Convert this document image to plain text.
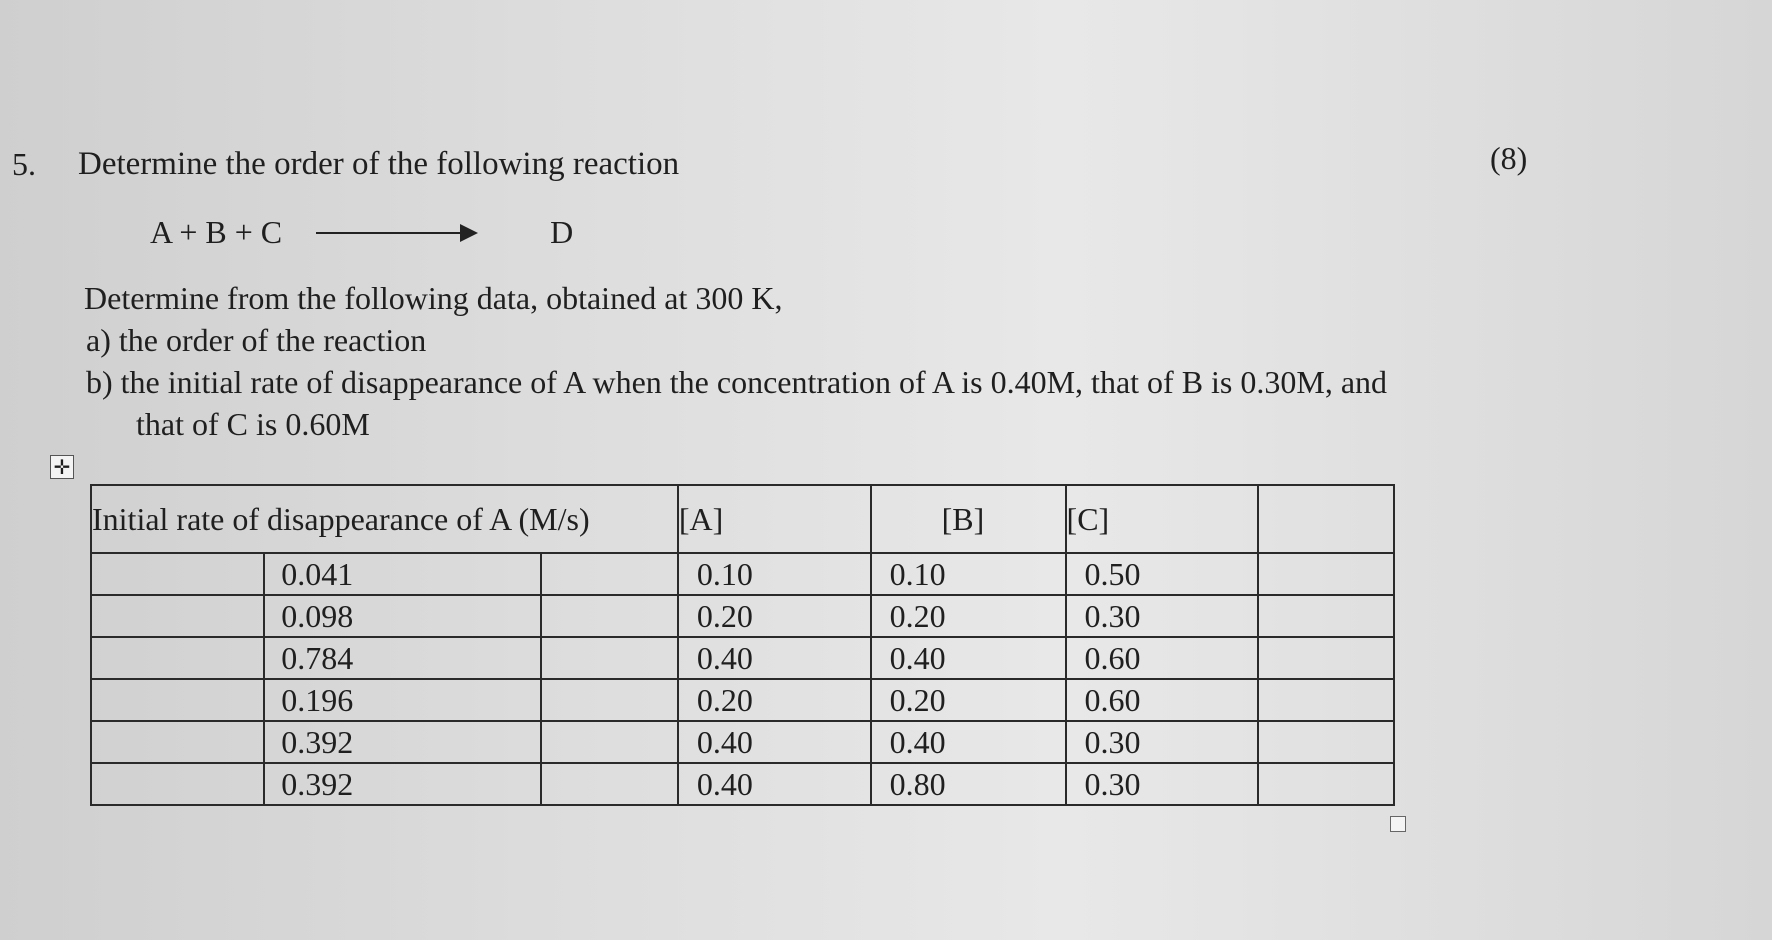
5. Determine the order of the following reaction	(8)
A + B + C	D
Determine from the following data, obtained at 300 K,
a) the order of the reaction
b) the initial rate of disappearance of A when the concentration of A is 0.40M, that of B is 0.30M, and
that of C is 0.60M
✛
Initial rate of disappearance of A (M/s)			[A]	[B]	[C]	
	0.041		0.10	0.10	0.50	
	0.098		0.20	0.20	0.30	
	0.784		0.40	0.40	0.60	
	0.196		0.20	0.20	0.60	
	0.392		0.40	0.40	0.30	
	0.392		0.40	0.80	0.30	
